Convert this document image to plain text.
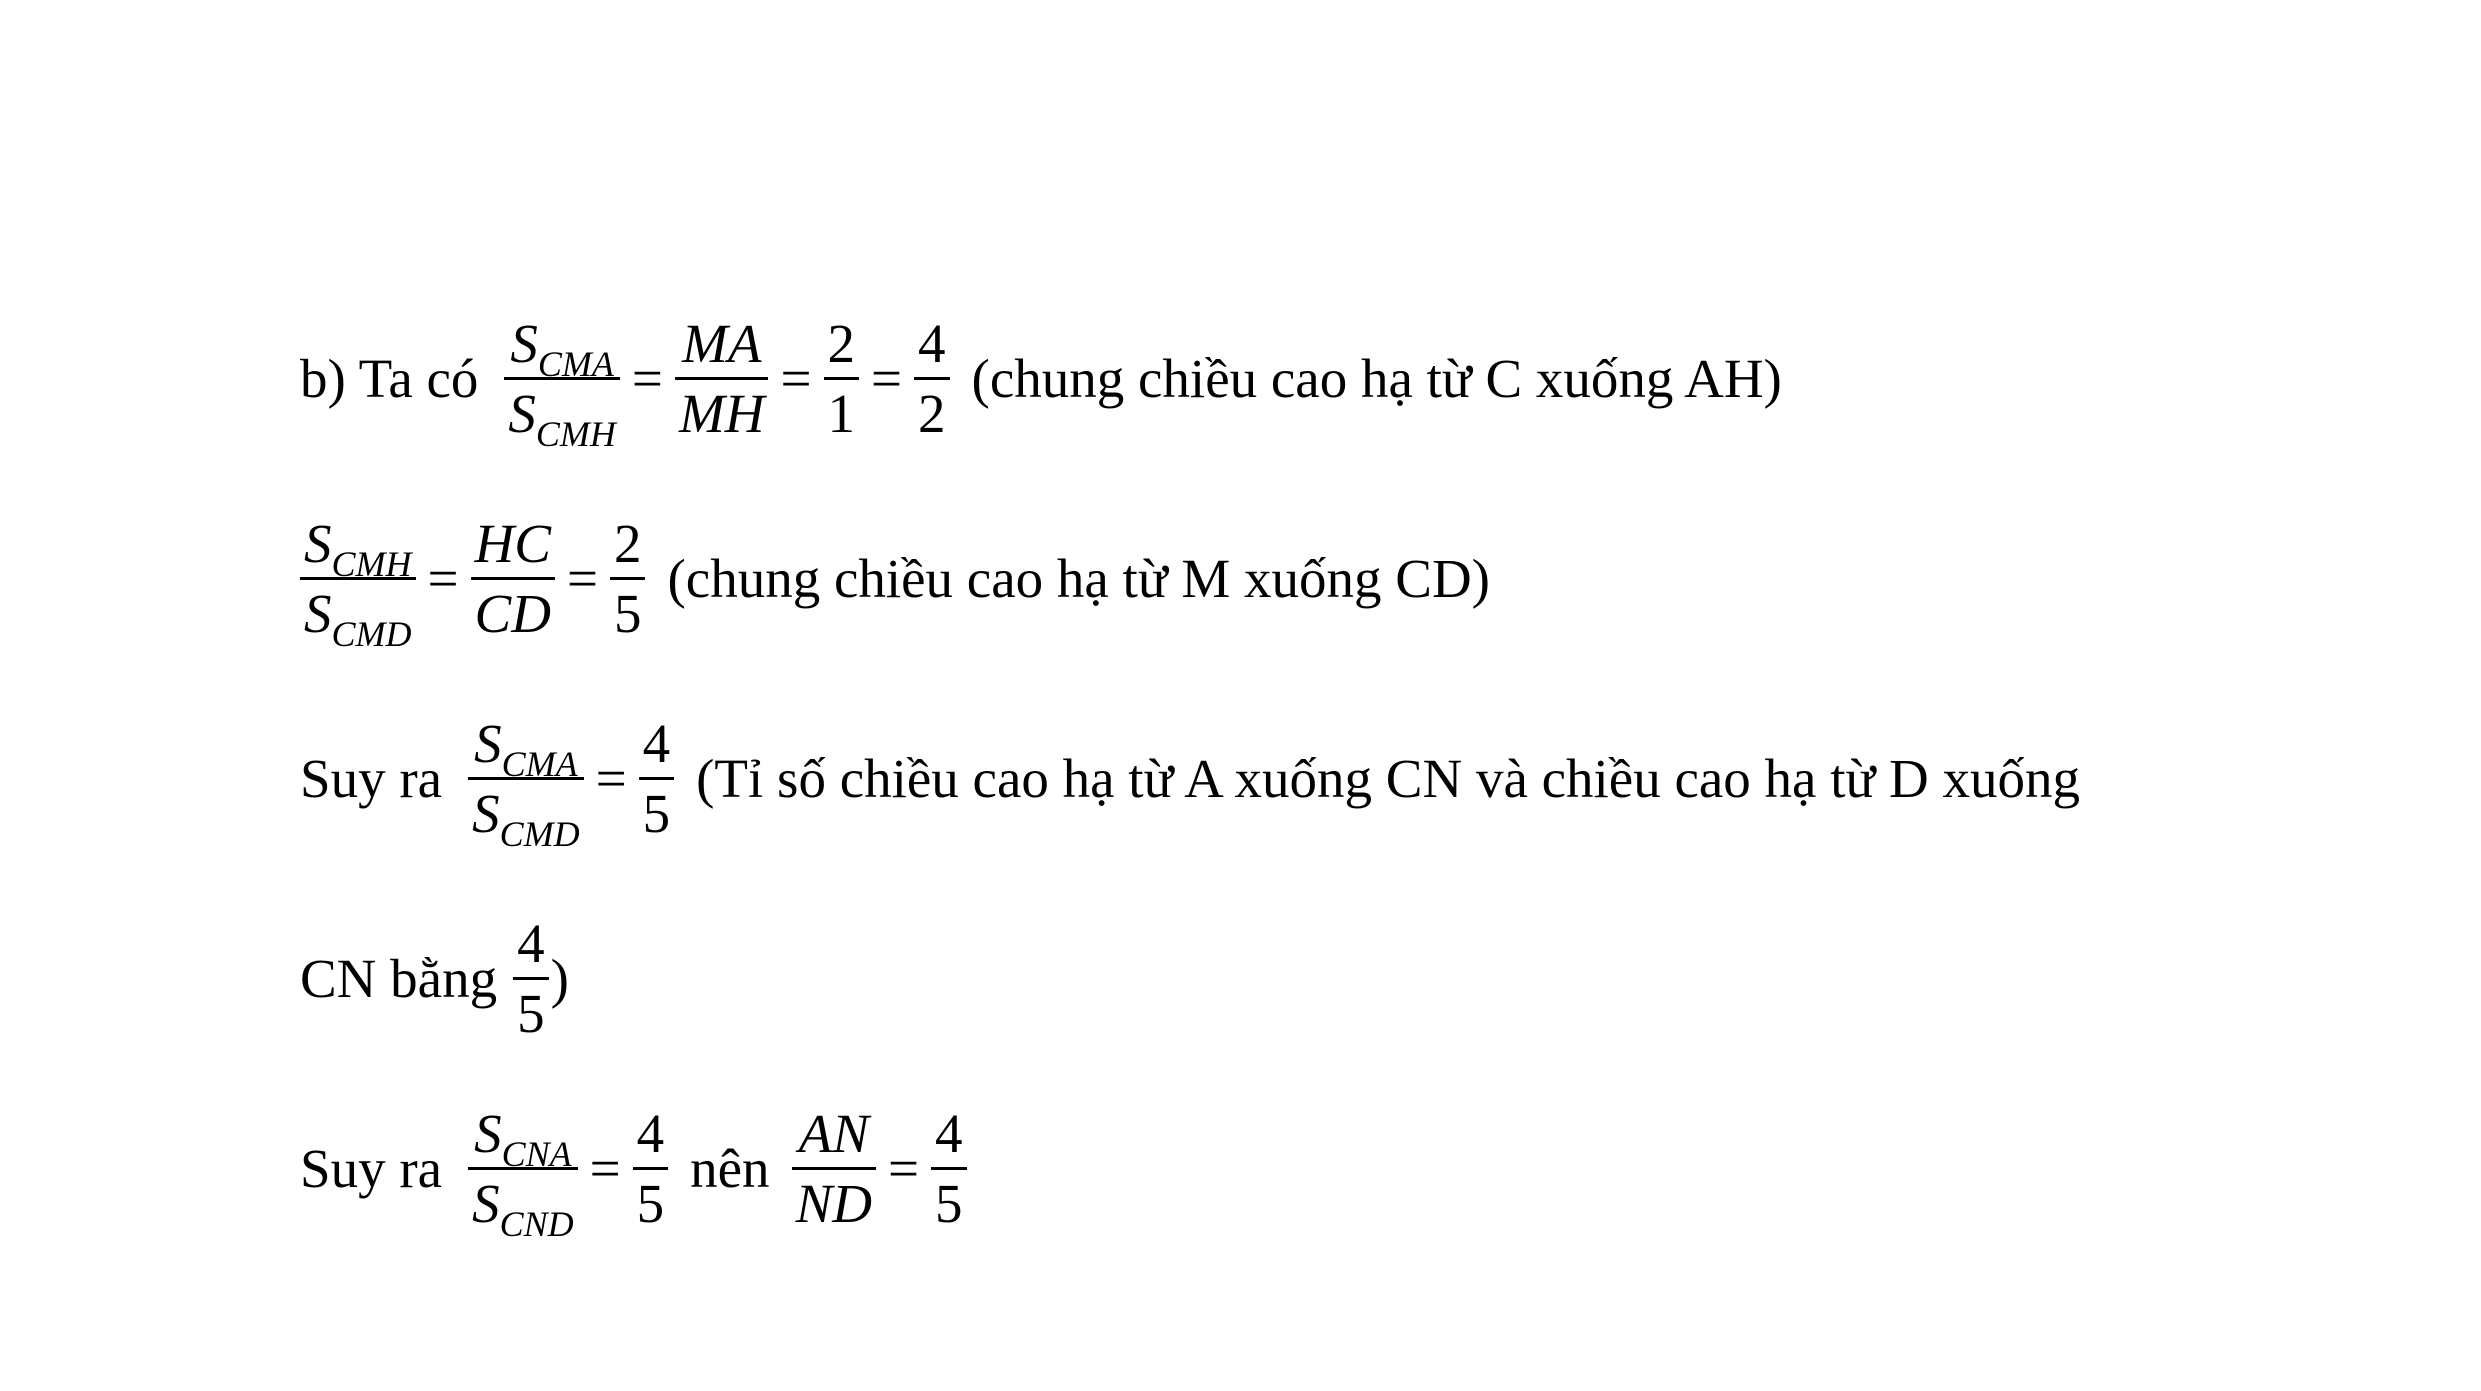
b) Ta có $\frac{S_{CMA}}{S_{CMH}} = \frac{MA}{MH} = \frac{2}{1} = \frac{4}{2}$ (chung chiều cao hạ từ C xuống AH)
$\frac{S_{CMH}}{S_{CMD}} = \frac{HC}{CD} = \frac{2}{5}$ (chung chiều cao hạ từ M xuống CD)
Suy ra $\frac{S_{CMA}}{S_{CMD}} = \frac{4}{5}$ (Tỉ số chiều cao hạ từ A xuống CN và chiều cao hạ từ D xuống
CN bằng $\frac{4}{5}$ )
Suy ra $\frac{S_{CNA}}{S_{CND}} = \frac{4}{5}$ nên $\frac{AN}{ND} = \frac{4}{5}$
